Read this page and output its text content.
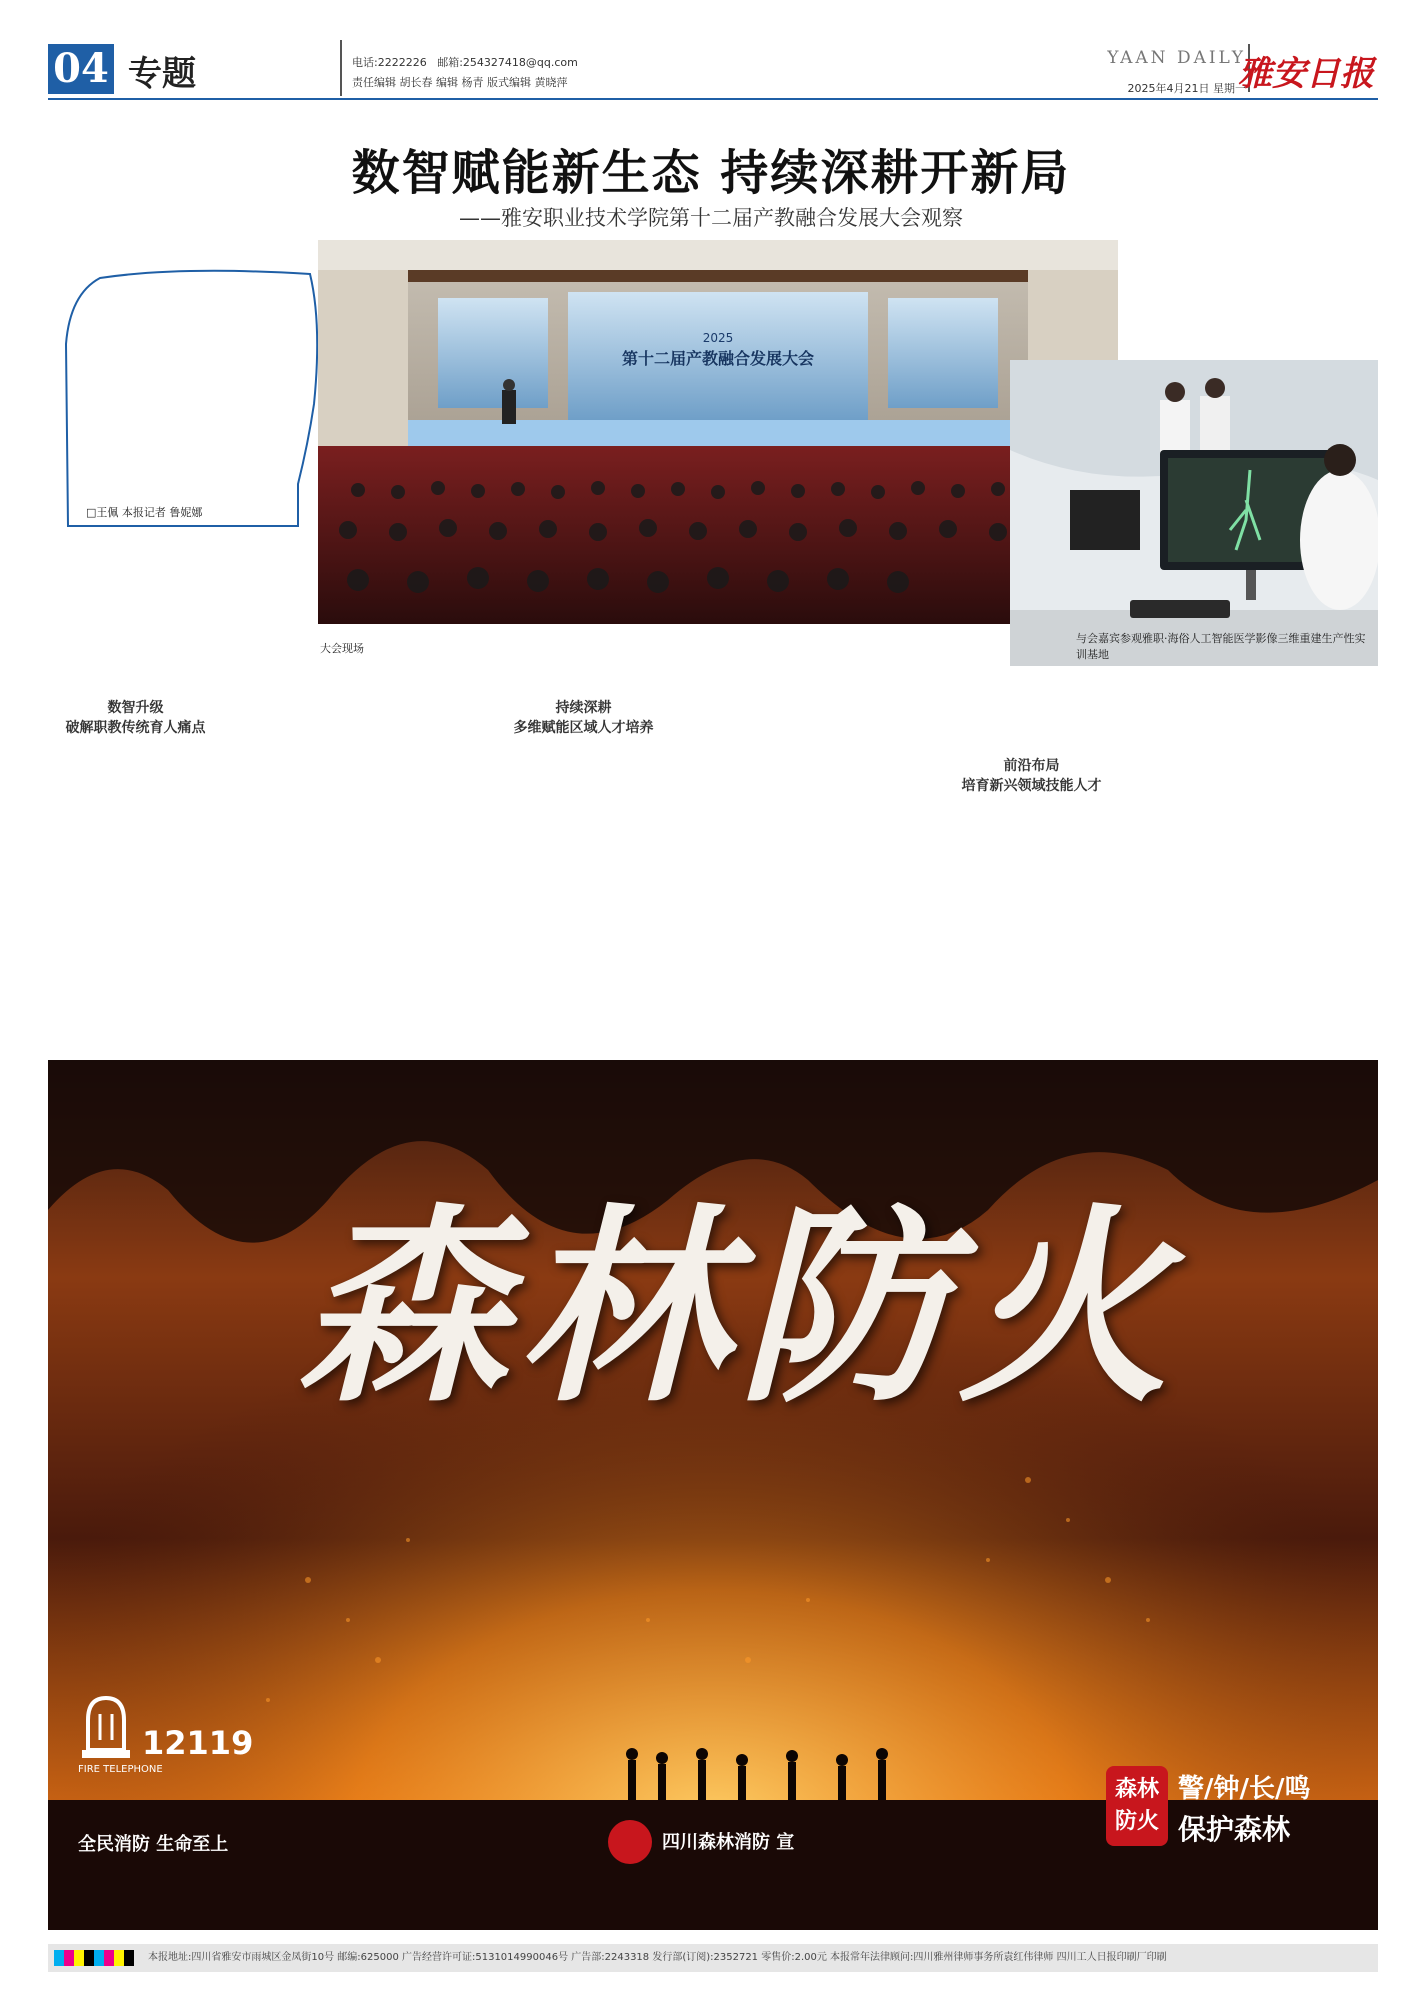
04 专题	电话:2222226 邮箱:254327418@qq.com
责任编辑 胡长春 编辑 杨青 版式编辑 黄晓萍
YAAN DAILY
2025年4月21日 星期一
雅安日报
数智赋能新生态 持续深耕开新局
——雅安职业技术学院第十二届产教融合发展大会观察
□王佩 本报记者 鲁妮娜
2025
第十二届产教融合发展大会
大会现场
与会嘉宾参观雅职·海俗人工智能医学影像三维重建生产性实训基地
数智升级
破解职教传统育人痛点
持续深耕
多维赋能区域人才培养
前沿布局
培育新兴领域技能人才
森林防火
12119
FIRE TELEPHONE
全民消防 生命至上	四川森林消防 宣
森林防火
警/钟/长/鸣
保护森林
本报地址:四川省雅安市雨城区金凤街10号 邮编:625000 广告经营许可证:5131014990046号 广告部:2243318 发行部(订阅):2352721 零售价:2.00元 本报常年法律顾问:四川雅州律师事务所袁红伟律师 四川工人日报印刷厂印刷
